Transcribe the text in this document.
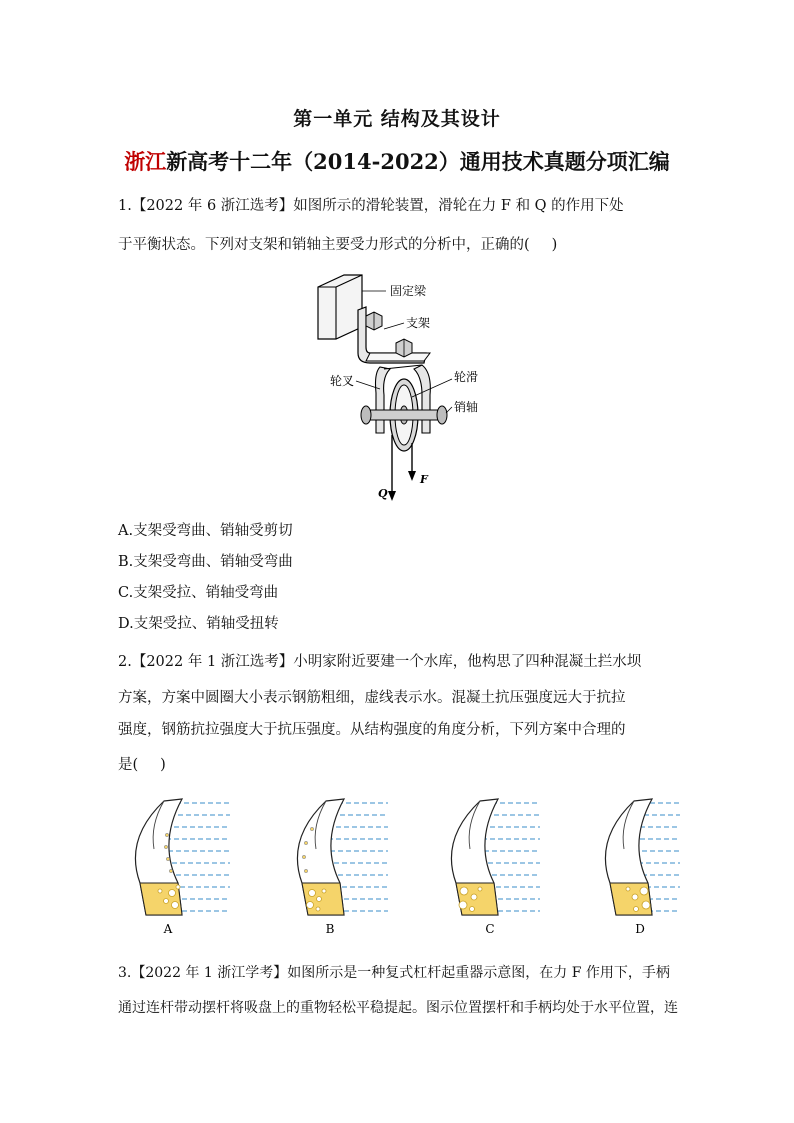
第一单元 结构及其设计
浙江新高考十二年（2014-2022）通用技术真题分项汇编
1.【2022 年 6 浙江选考】如图所示的滑轮装置，滑轮在力 F 和 Q 的作用下处
于平衡状态。下列对支架和销轴主要受力形式的分析中，正确的( )
固定梁
支架
轮叉	轮滑
销轴
Q
F
A.支架受弯曲、销轴受剪切
B.支架受弯曲、销轴受弯曲
C.支架受拉、销轴受弯曲
D.支架受拉、销轴受扭转
2.【2022 年 1 浙江选考】小明家附近要建一个水库，他构思了四种混凝土拦水坝
方案，方案中圆圈大小表示钢筋粗细，虚线表示水。混凝土抗压强度远大于抗拉
强度，钢筋抗拉强度大于抗压强度。从结构强度的角度分析，下列方案中合理的
是( )
A	B	C	D
3.【2022 年 1 浙江学考】如图所示是一种复式杠杆起重器示意图，在力 F 作用下，手柄
通过连杆带动摆杆将吸盘上的重物轻松平稳提起。图示位置摆杆和手柄均处于水平位置，连
